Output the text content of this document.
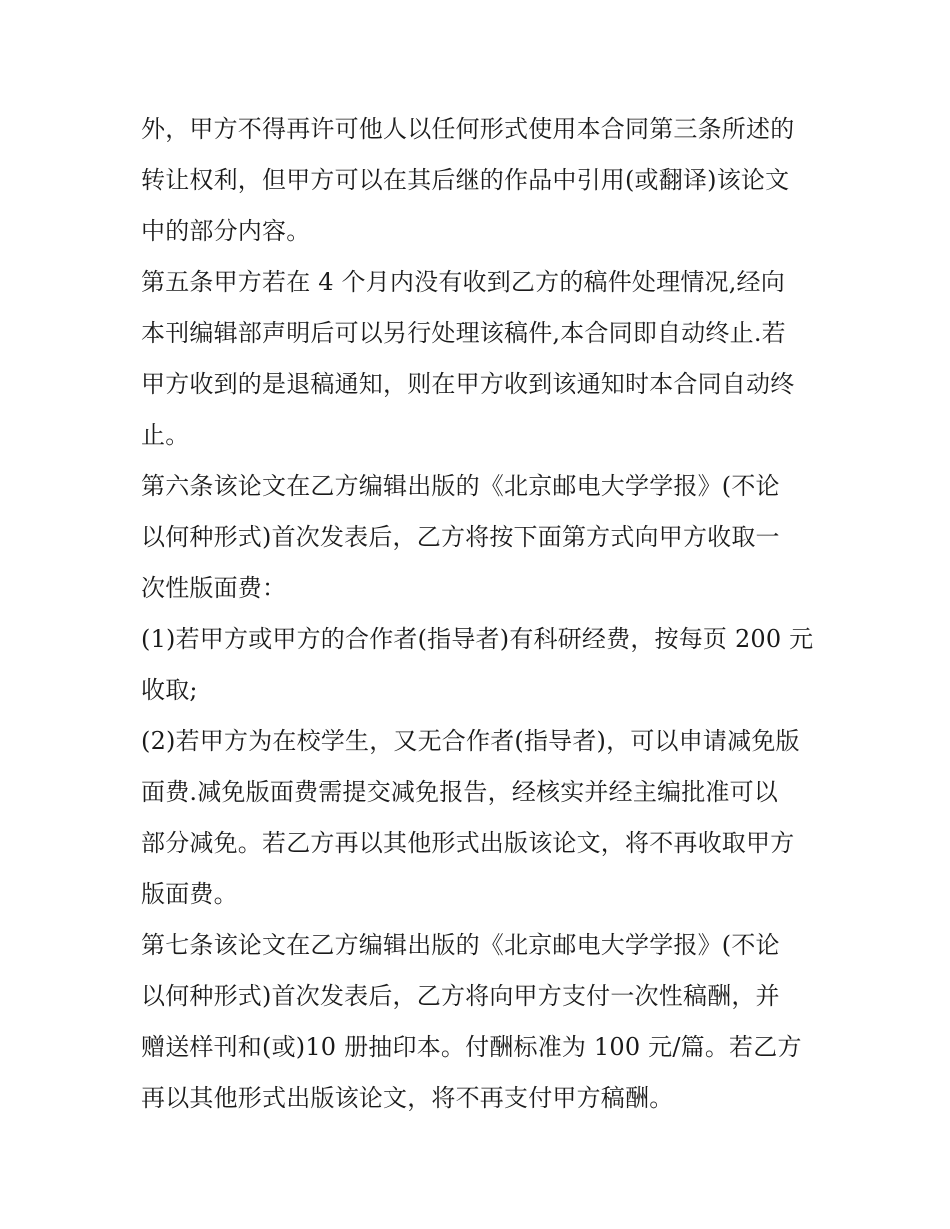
外，甲方不得再许可他人以任何形式使用本合同第三条所述的
转让权利，但甲方可以在其后继的作品中引用(或翻译)该论文
中的部分内容。
第五条甲方若在 4 个月内没有收到乙方的稿件处理情况,经向
本刊编辑部声明后可以另行处理该稿件,本合同即自动终止.若
甲方收到的是退稿通知，则在甲方收到该通知时本合同自动终
止。
第六条该论文在乙方编辑出版的《北京邮电大学学报》(不论
以何种形式)首次发表后，乙方将按下面第方式向甲方收取一
次性版面费：
(1)若甲方或甲方的合作者(指导者)有科研经费，按每页 200 元
收取;
(2)若甲方为在校学生，又无合作者(指导者)，可以申请减免版
面费.减免版面费需提交减免报告，经核实并经主编批准可以
部分减免。若乙方再以其他形式出版该论文，将不再收取甲方
版面费。
第七条该论文在乙方编辑出版的《北京邮电大学学报》(不论
以何种形式)首次发表后，乙方将向甲方支付一次性稿酬，并
赠送样刊和(或)10 册抽印本。付酬标准为 100 元/篇。若乙方
再以其他形式出版该论文，将不再支付甲方稿酬。
